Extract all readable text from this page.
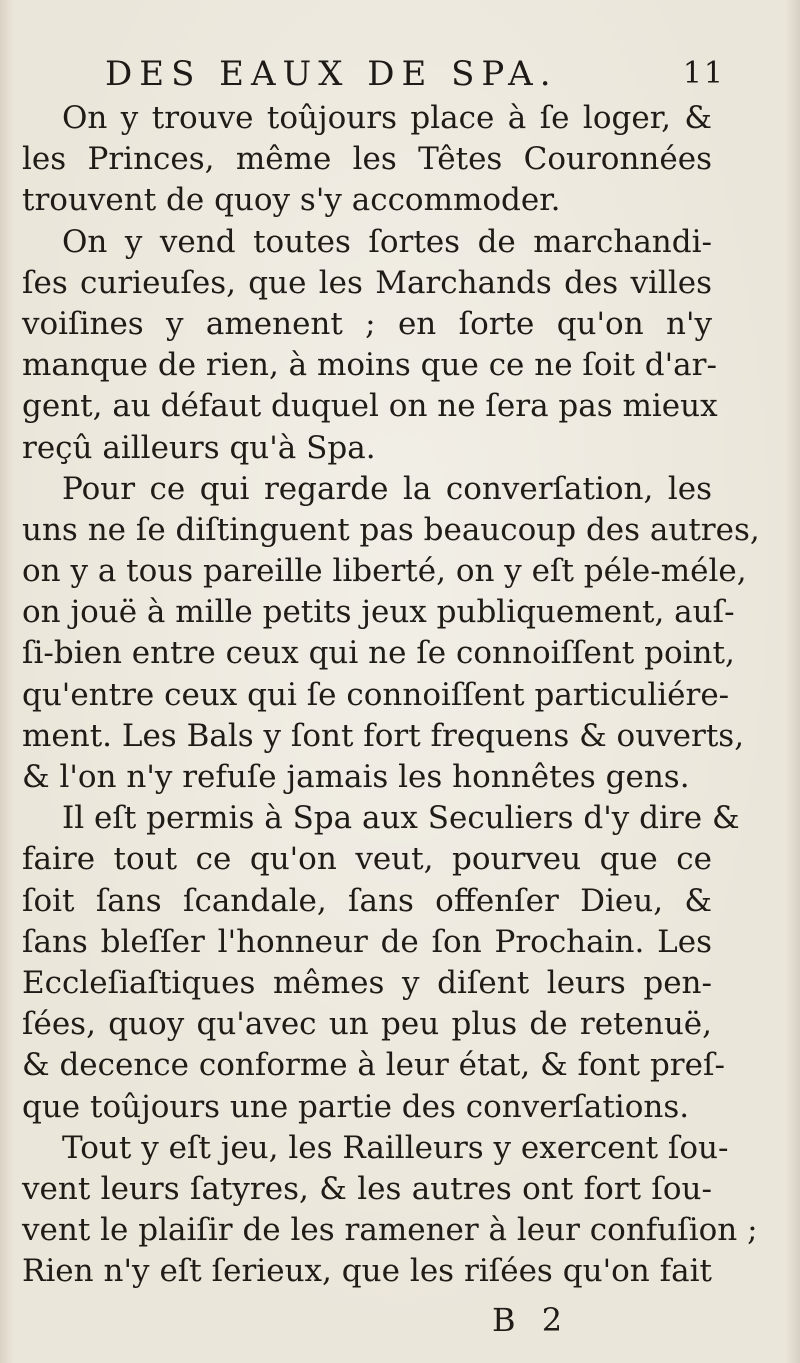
DES EAUX DE SPA.	11
On y trouve toûjours place à ſe loger, &
les Princes, même les Têtes Couronnées
trouvent de quoy s'y accommoder.
On y vend toutes ſortes de marchandi-
ſes curieuſes, que les Marchands des villes
voiſines y amenent ; en ſorte qu'on n'y
manque de rien, à moins que ce ne ſoit d'ar-
gent, au défaut duquel on ne ſera pas mieux
reçû ailleurs qu'à Spa.
Pour ce qui regarde la converſation, les
uns ne ſe diſtinguent pas beaucoup des autres,
on y a tous pareille liberté, on y eſt péle-méle,
on jouë à mille petits jeux publiquement, auſ-
ſi-bien entre ceux qui ne ſe connoiſſent point,
qu'entre ceux qui ſe connoiſſent particuliére-
ment. Les Bals y ſont fort frequens & ouverts,
& l'on n'y refuſe jamais les honnêtes gens.
Il eſt permis à Spa aux Seculiers d'y dire &
faire tout ce qu'on veut, pourveu que ce
ſoit ſans ſcandale, ſans offenſer Dieu, &
ſans bleſſer l'honneur de ſon Prochain. Les
Eccleſiaſtiques mêmes y diſent leurs pen-
ſées, quoy qu'avec un peu plus de retenuë,
& decence conforme à leur état, & font preſ-
que toûjours une partie des converſations.
Tout y eſt jeu, les Railleurs y exercent ſou-
vent leurs ſatyres, & les autres ont fort ſou-
vent le plaiſir de les ramener à leur confuſion ;
Rien n'y eſt ſerieux, que les riſées qu'on fait
B 2
